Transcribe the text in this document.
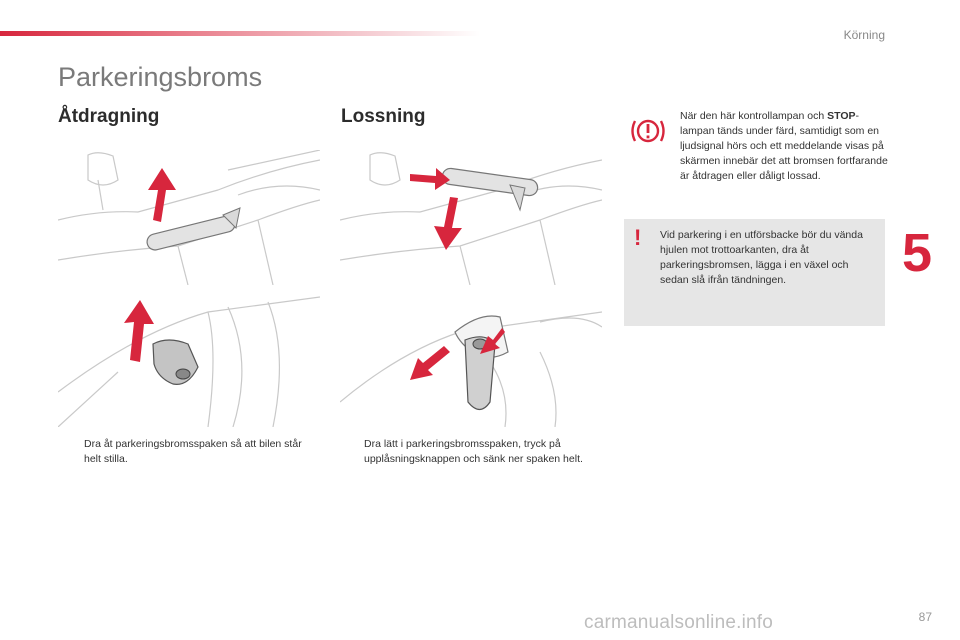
Körning
Parkeringsbroms
Åtdragning	Lossning
Dra åt parkeringsbromsspaken så att bilen står helt stilla.
Dra lätt i parkeringsbromsspaken, tryck på upplåsningsknappen och sänk ner spaken helt.
När den här kontrollampan och STOP-lampan tänds under färd, samtidigt som en ljudsignal hörs och ett meddelande visas på skärmen innebär det att bromsen fortfarande är åtdragen eller dåligt lossad.
! Vid parkering i en utförsbacke bör du vända hjulen mot trottoarkanten, dra åt parkeringsbromsen, lägga i en växel och sedan slå ifrån tändningen.	5
carmanualsonline.info	87
